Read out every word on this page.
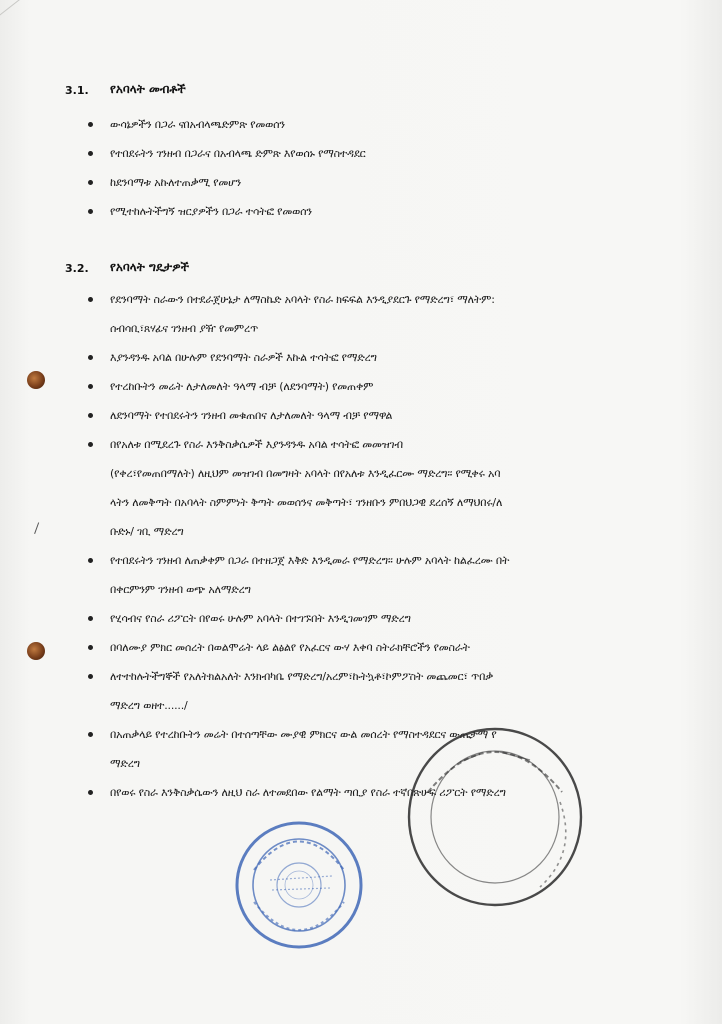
3.1. የአባላት መብቶች
ውሳኔዎችን በጋራ ናበአብላጫድምጽ የመወሰን
የተበደሩትን ገንዘብ በጋራና በአብላጫ ድምጽ እየወሰኑ የማስተዳደር
ከደንባማቱ አኩለተጠቃሚ የመሆን
የሚተከሉትችግኝ ዝርያዎችን በጋራ ተሳትፎ የመወሰን
3.2. የአባላት ግዴታዎች
የደንባማት ስራውን በተደራጀሁኔታ ለማስኬድ አባላት የስራ ክፍፍል እንዲያደርጉ የማድረግ፣ ማለትም:
እያንዳንዱ አባል በሁሉም የደንባማት ስራዎች እኩል ተሳትፎ የማድረግ
የተረከቡትን መሬት ለታለመለት ዓላማ ብቻ (ለደንባማት) የመጠቀም
ለደንባማት የተበደሩትን ገንዘብ መቁጠበና ለታለመለት ዓላማ ብቻ የማዋል
በየአለቱ በሚደረጉ የስራ እንቅስቃሴዎች እያንዳንዱ አባል ተሳትፎ መመዝገብ
የተበደሩትን ገንዘብ ለጠቃቀም በጋራ በተዘጋጀ እቅድ እንዲመራ የማድረግ፡፡ ሁሉም አባላት ከልፈረሙ በት
የሂሳብና የስራ ሪፖርት በየወሩ ሁሉም አባላት በተገኙበት እንዲገመገም ማድረግ
በባለሙያ ምክር መሰረት በወልሞሬት ላይ ልፅልየ የአፈርና ውሃ እቀባ ስትራክቸሮችን የመስራት
ለተተከሉትችግኞች የአለትክልአለት እንክብካቤ የማድረግ/አረም፣ኩትኳቶ፣ኮምፖስት መጨመር፣ ጥበቃ
በአጠቃላይ የተረከቡትን መሬት በተሰጣቸው ሙያዊ ምክርና ውል መሰረት የማስተዳደርና ውጤታማ የ
በየወሩ የስራ እንቅስቃሴውን ለዚህ ስራ ለተመደበው የልማት ጣቢያ የስራ ተኛበጽሁፍ ሪፖርት የማድረግ
ሰብሳቢ፣ጸሃፊና ገንዘብ ያዥ የመምረጥ
(የቀረ፣የመጠበማለት) ለዚህም መዝገብ በመግዛት አባላት በየአለቱ እንዲፈርሙ ማድረግ፡፡ የሚቀሩ አባ
ላትን ለመቅጣት በአባላት ስምምነት ቅጣት መወሰንና መቅጣት፣ ገንዘቡን ምበህጋዊ ደረሰኝ ለማህበሩ/ለ
ቡድኑ/ ገቢ ማድረግ
በቀርምንም ገንዘብ ወጭ አለማድረግ
ማድረግ ወዘተ....../
ማድረግ
